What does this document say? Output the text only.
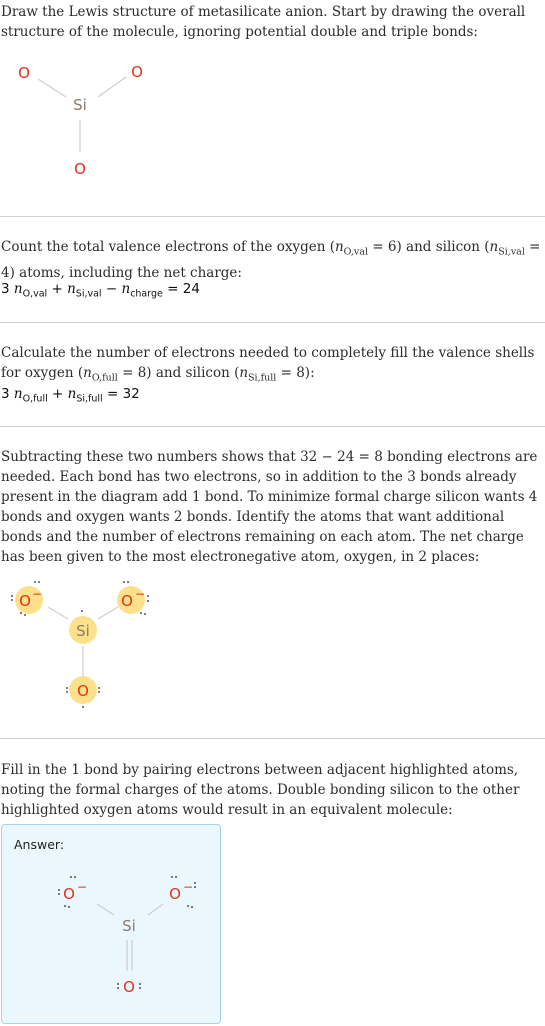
Draw the Lewis structure of metasilicate anion. Start by drawing the overall structure of the molecule, ignoring potential double and triple bonds:

O	O
Si
O

Count the total valence electrons of the oxygen $(n_{O,val} = 6)$ and silicon $(n_{Si,val} = 4)$ atoms, including the net charge:

3 $n_{O,val} + n_{Si,val} - n_{charge} = 24$

Calculate the number of electrons needed to completely fill the valence shells for oxygen $(n_{O,full} = 8)$ and silicon $(n_{Si,full} = 8)$:

3 $n_{O,full} + n_{Si,full} = 32$

Subtracting these two numbers shows that 32 − 24 = 8 bonding electrons are needed. Each bond has two electrons, so in addition to the 3 bonds already present in the diagram add 1 bond. To minimize formal charge silicon wants 4 bonds and oxygen wants 2 bonds. Identify the atoms that want additional bonds and the number of electrons remaining on each atom. The net charge has been given to the most electronegative atom, oxygen, in 2 places:

O −	O −
Si
O

Fill in the 1 bond by pairing electrons between adjacent highlighted atoms, noting the formal charges of the atoms. Double bonding silicon to the other highlighted oxygen atoms would result in an equivalent molecule:

Answer:
O −	O −
Si
O
